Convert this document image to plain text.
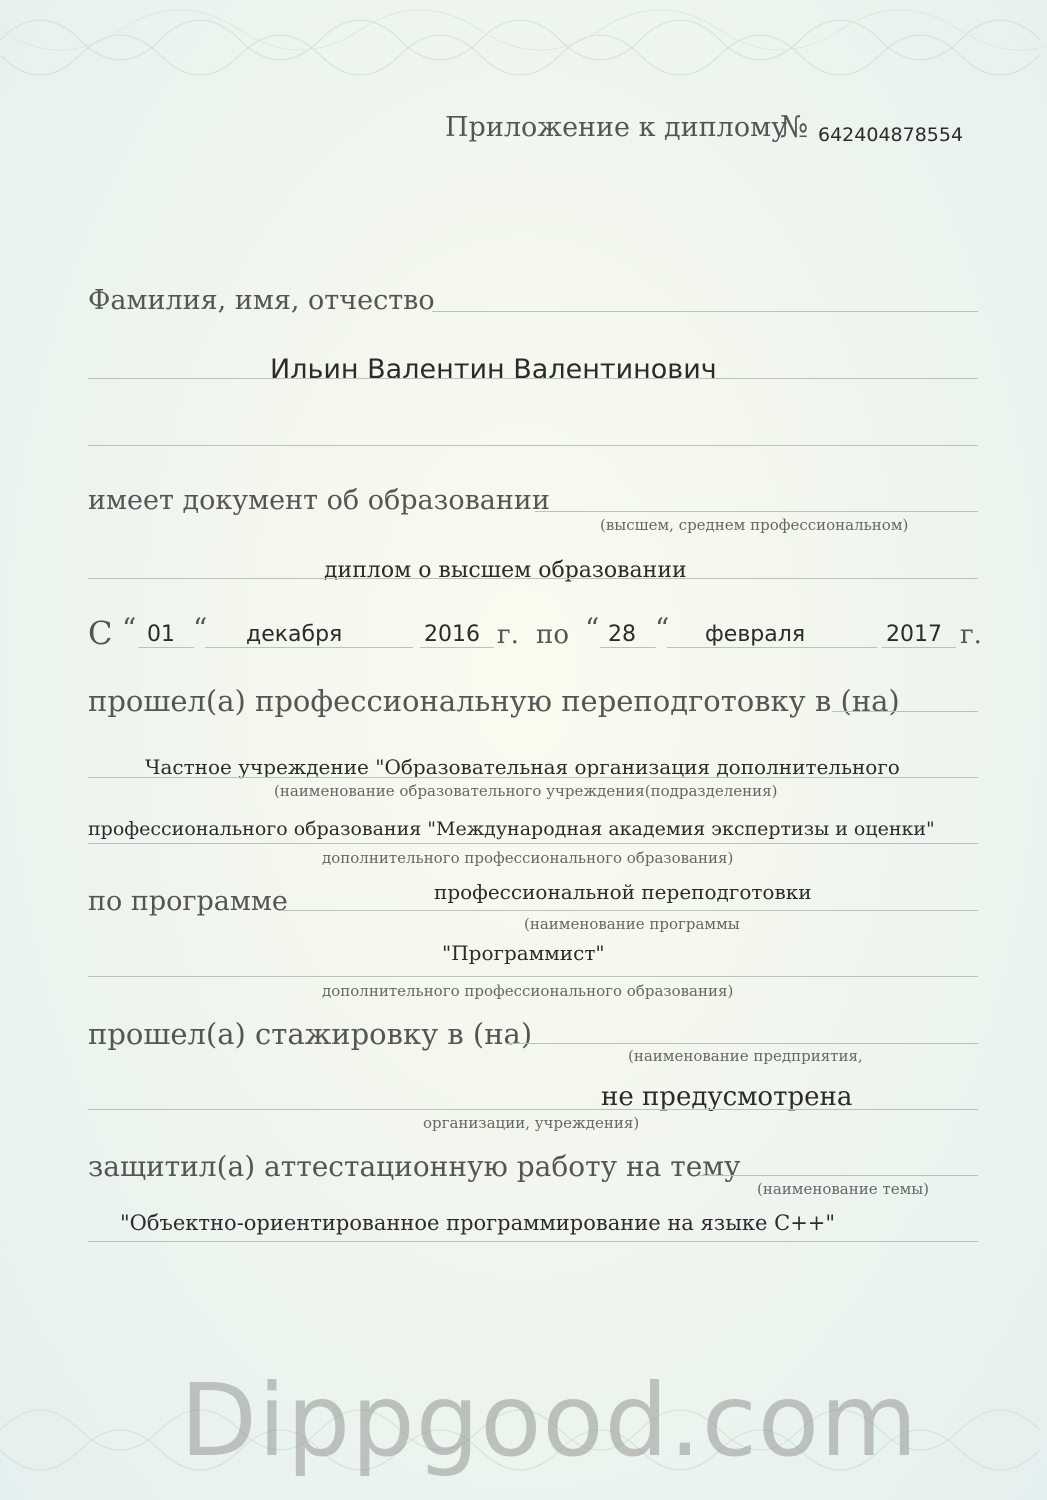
Приложение к диплому
№ 642404878554
Фамилия, имя, отчество
Ильин Валентин Валентинович
имеет документ об образовании
(высшем, среднем профессиональном)
диплом о высшем образовании
С “ 01 “ декабря	2016 г. по “ 28 “ февраля	2017 г.
прошел(а) профессиональную переподготовку в (на)
Частное учреждение "Образовательная организация дополнительного
(наименование образовательного учреждения(подразделения)
профессионального образования "Международная академия экспертизы и оценки"
дополнительного профессионального образования)
по программе	профессиональной переподготовки
(наименование программы
"Программист"
дополнительного профессионального образования)
прошел(а) стажировку в (на)
(наименование предприятия,
не предусмотрена
организации, учреждения)
защитил(а) аттестационную работу на тему
(наименование темы)
"Объектно-ориентированное программирование на языке С++"
Dippgood.com
